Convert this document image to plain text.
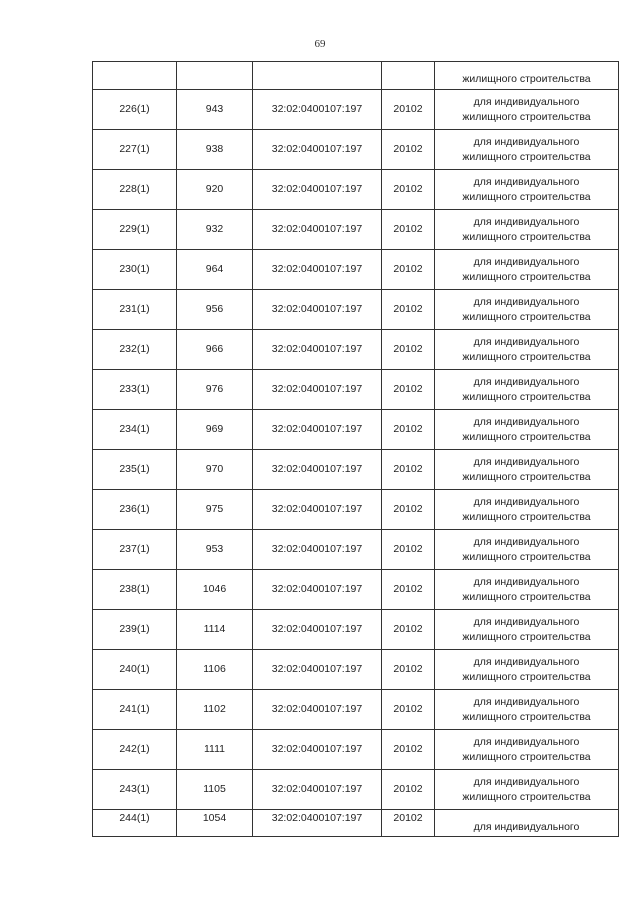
69
				жилищного строительства
226(1)	943	32:02:0400107:197	20102	для индивидуального
жилищного строительства

227(1)	938	32:02:0400107:197	20102	для индивидуального
жилищного строительства

228(1)	920	32:02:0400107:197	20102	для индивидуального
жилищного строительства

229(1)	932	32:02:0400107:197	20102	для индивидуального
жилищного строительства

230(1)	964	32:02:0400107:197	20102	для индивидуального
жилищного строительства

231(1)	956	32:02:0400107:197	20102	для индивидуального
жилищного строительства

232(1)	966	32:02:0400107:197	20102	для индивидуального
жилищного строительства

233(1)	976	32:02:0400107:197	20102	для индивидуального
жилищного строительства

234(1)	969	32:02:0400107:197	20102	для индивидуального
жилищного строительства

235(1)	970	32:02:0400107:197	20102	для индивидуального
жилищного строительства

236(1)	975	32:02:0400107:197	20102	для индивидуального
жилищного строительства

237(1)	953	32:02:0400107:197	20102	для индивидуального
жилищного строительства

238(1)	1046	32:02:0400107:197	20102	для индивидуального
жилищного строительства

239(1)	1114	32:02:0400107:197	20102	для индивидуального
жилищного строительства

240(1)	1106	32:02:0400107:197	20102	для индивидуального
жилищного строительства

241(1)	1102	32:02:0400107:197	20102	для индивидуального
жилищного строительства

242(1)	1111	32:02:0400107:197	20102	для индивидуального
жилищного строительства

243(1)	1105	32:02:0400107:197	20102	для индивидуального
жилищного строительства

244(1)	1054	32:02:0400107:197	20102	для индивидуального
